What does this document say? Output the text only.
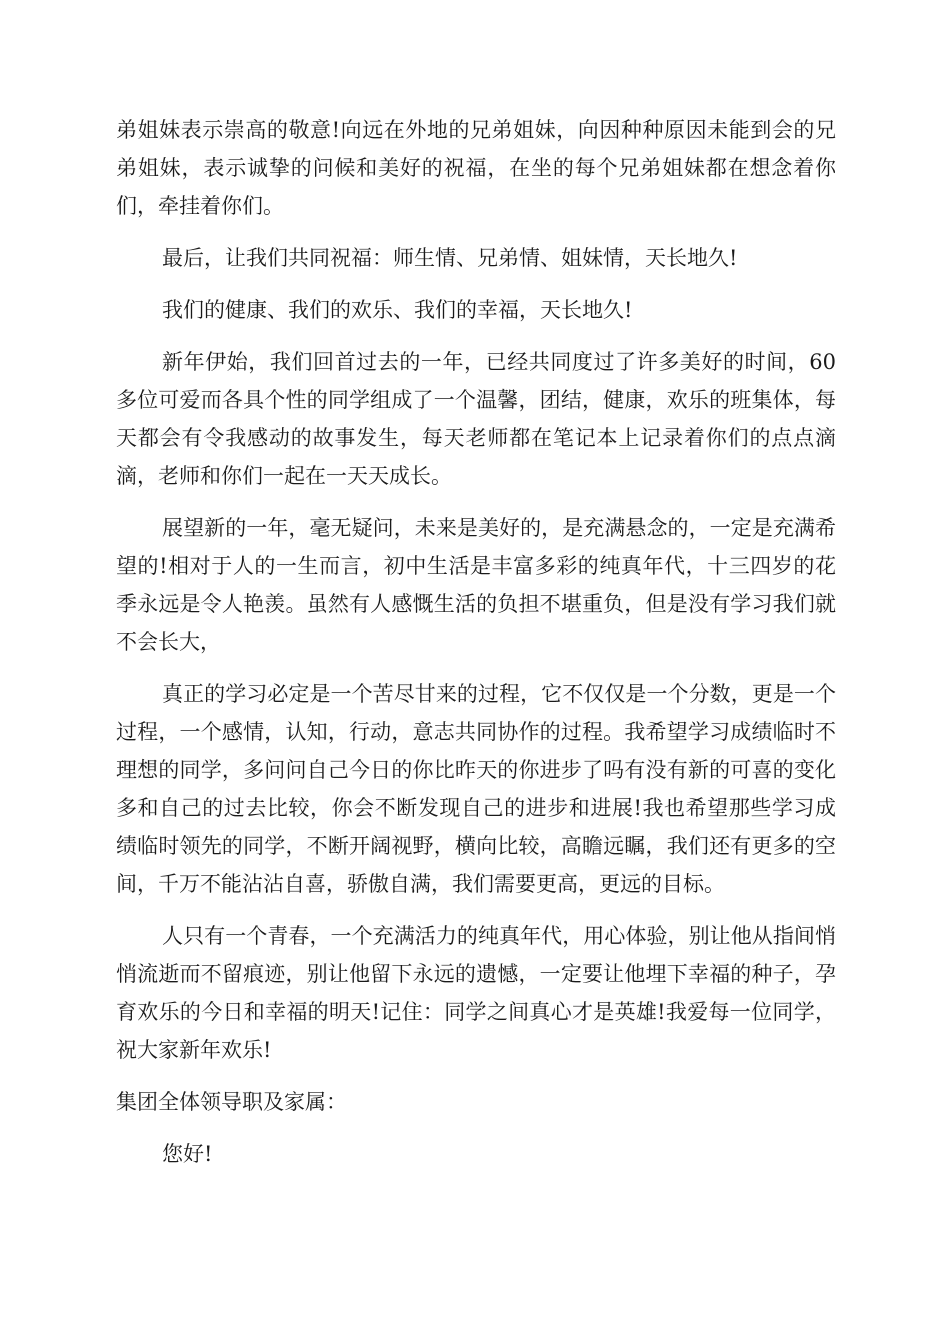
弟姐妹表示崇高的敬意!向远在外地的兄弟姐妹，向因种种原因未能到会的兄弟姐妹，表示诚挚的问候和美好的祝福，在坐的每个兄弟姐妹都在想念着你们，牵挂着你们。

最后，让我们共同祝福：师生情、兄弟情、姐妹情，天长地久!

我们的健康、我们的欢乐、我们的幸福，天长地久!

新年伊始，我们回首过去的一年，已经共同度过了许多美好的时间，60多位可爱而各具个性的同学组成了一个温馨，团结，健康，欢乐的班集体，每天都会有令我感动的故事发生，每天老师都在笔记本上记录着你们的点点滴滴，老师和你们一起在一天天成长。

展望新的一年，毫无疑问，未来是美好的，是充满悬念的，一定是充满希望的!相对于人的一生而言，初中生活是丰富多彩的纯真年代，十三四岁的花季永远是令人艳羡。虽然有人感慨生活的负担不堪重负，但是没有学习我们就不会长大，

真正的学习必定是一个苦尽甘来的过程，它不仅仅是一个分数，更是一个过程，一个感情，认知，行动，意志共同协作的过程。我希望学习成绩临时不理想的同学，多问问自己今日的你比昨天的你进步了吗有没有新的可喜的变化多和自己的过去比较，你会不断发现自己的进步和进展!我也希望那些学习成绩临时领先的同学，不断开阔视野，横向比较，高瞻远瞩，我们还有更多的空间，千万不能沾沾自喜，骄傲自满，我们需要更高，更远的目标。

人只有一个青春，一个充满活力的纯真年代，用心体验，别让他从指间悄悄流逝而不留痕迹，别让他留下永远的遗憾，一定要让他埋下幸福的种子，孕育欢乐的今日和幸福的明天!记住：同学之间真心才是英雄!我爱每一位同学，祝大家新年欢乐!

集团全体领导职及家属：

您好!
